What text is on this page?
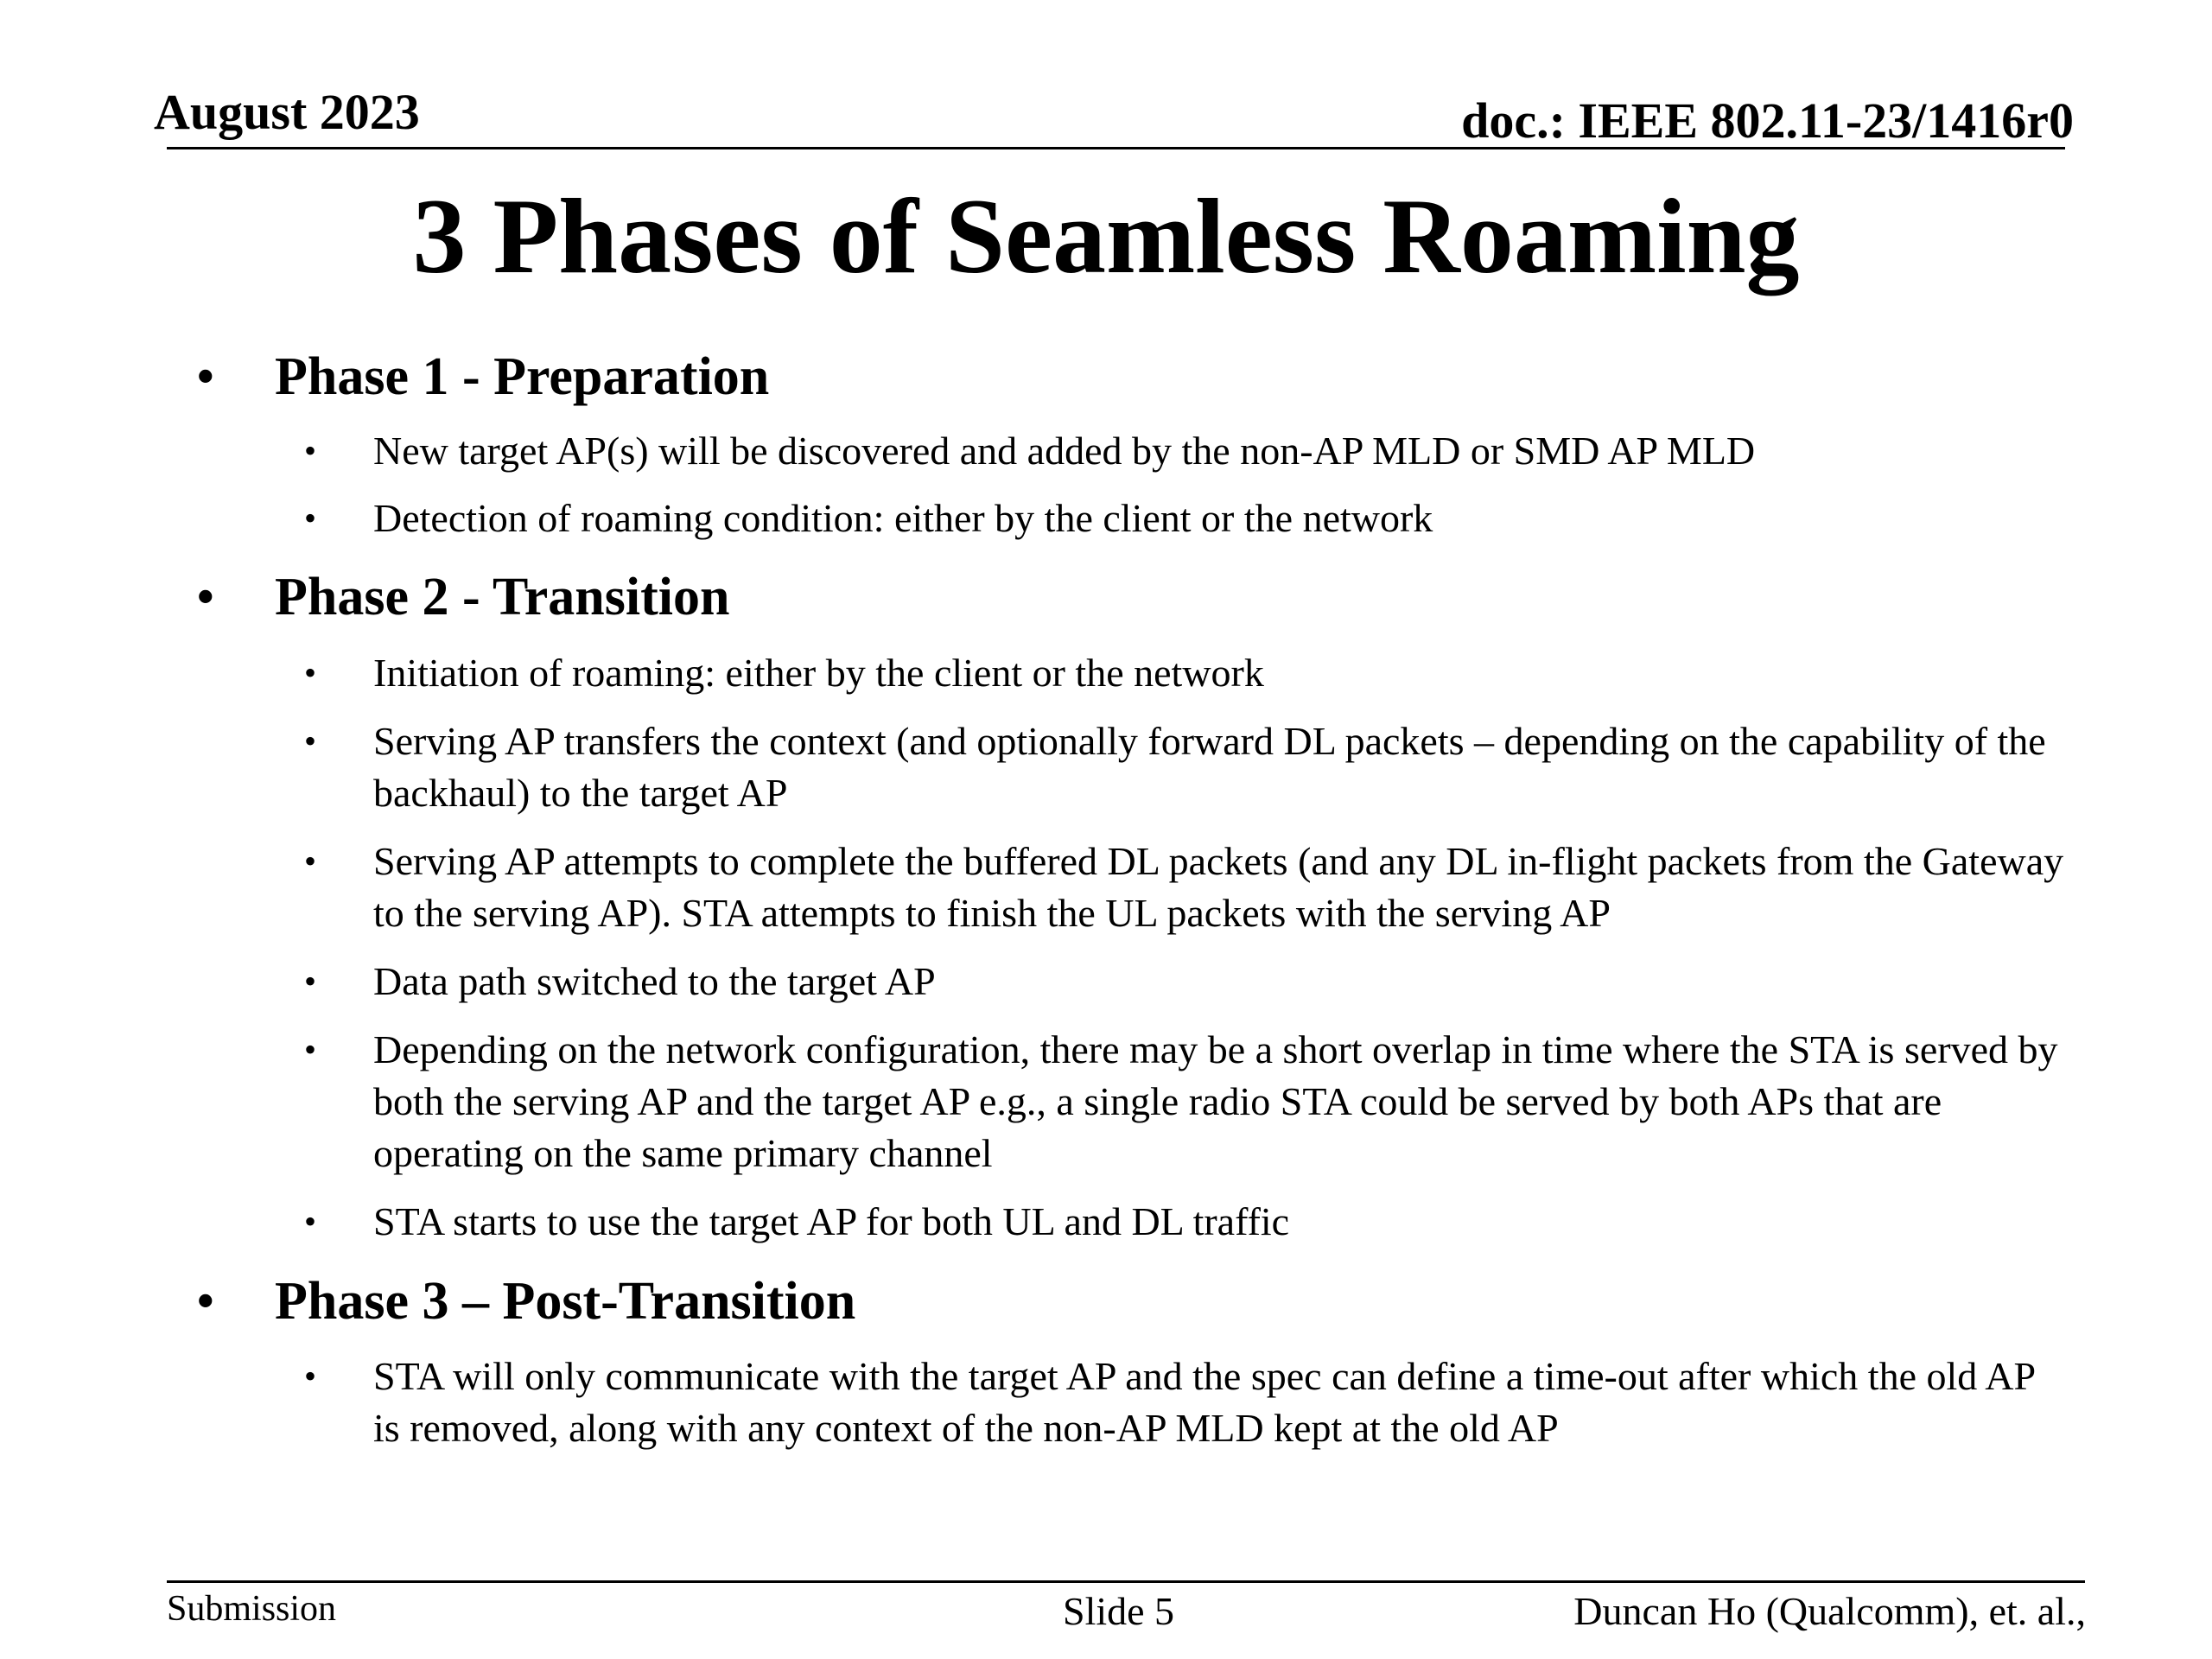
August 2023	doc.: IEEE 802.11-23/1416r0
3 Phases of Seamless Roaming
• Phase 1 - Preparation
• New target AP(s) will be discovered and added by the non-AP MLD or SMD AP MLD
• Detection of roaming condition: either by the client or the network
• Phase 2 - Transition
• Initiation of roaming: either by the client or the network
• Serving AP transfers the context (and optionally forward DL packets – depending on the capability of the backhaul) to the target AP
• Serving AP attempts to complete the buffered DL packets (and any DL in-flight packets from the Gateway to the serving AP). STA attempts to finish the UL packets with the serving AP
• Data path switched to the target AP
• Depending on the network configuration, there may be a short overlap in time where the STA is served by both the serving AP and the target AP e.g., a single radio STA could be served by both APs that are operating on the same primary channel
• STA starts to use the target AP for both UL and DL traffic
• Phase 3 – Post-Transition
• STA will only communicate with the target AP and the spec can define a time-out after which the old AP is removed, along with any context of the non-AP MLD kept at the old AP
Submission	Slide 5	Duncan Ho (Qualcomm), et. al.,
